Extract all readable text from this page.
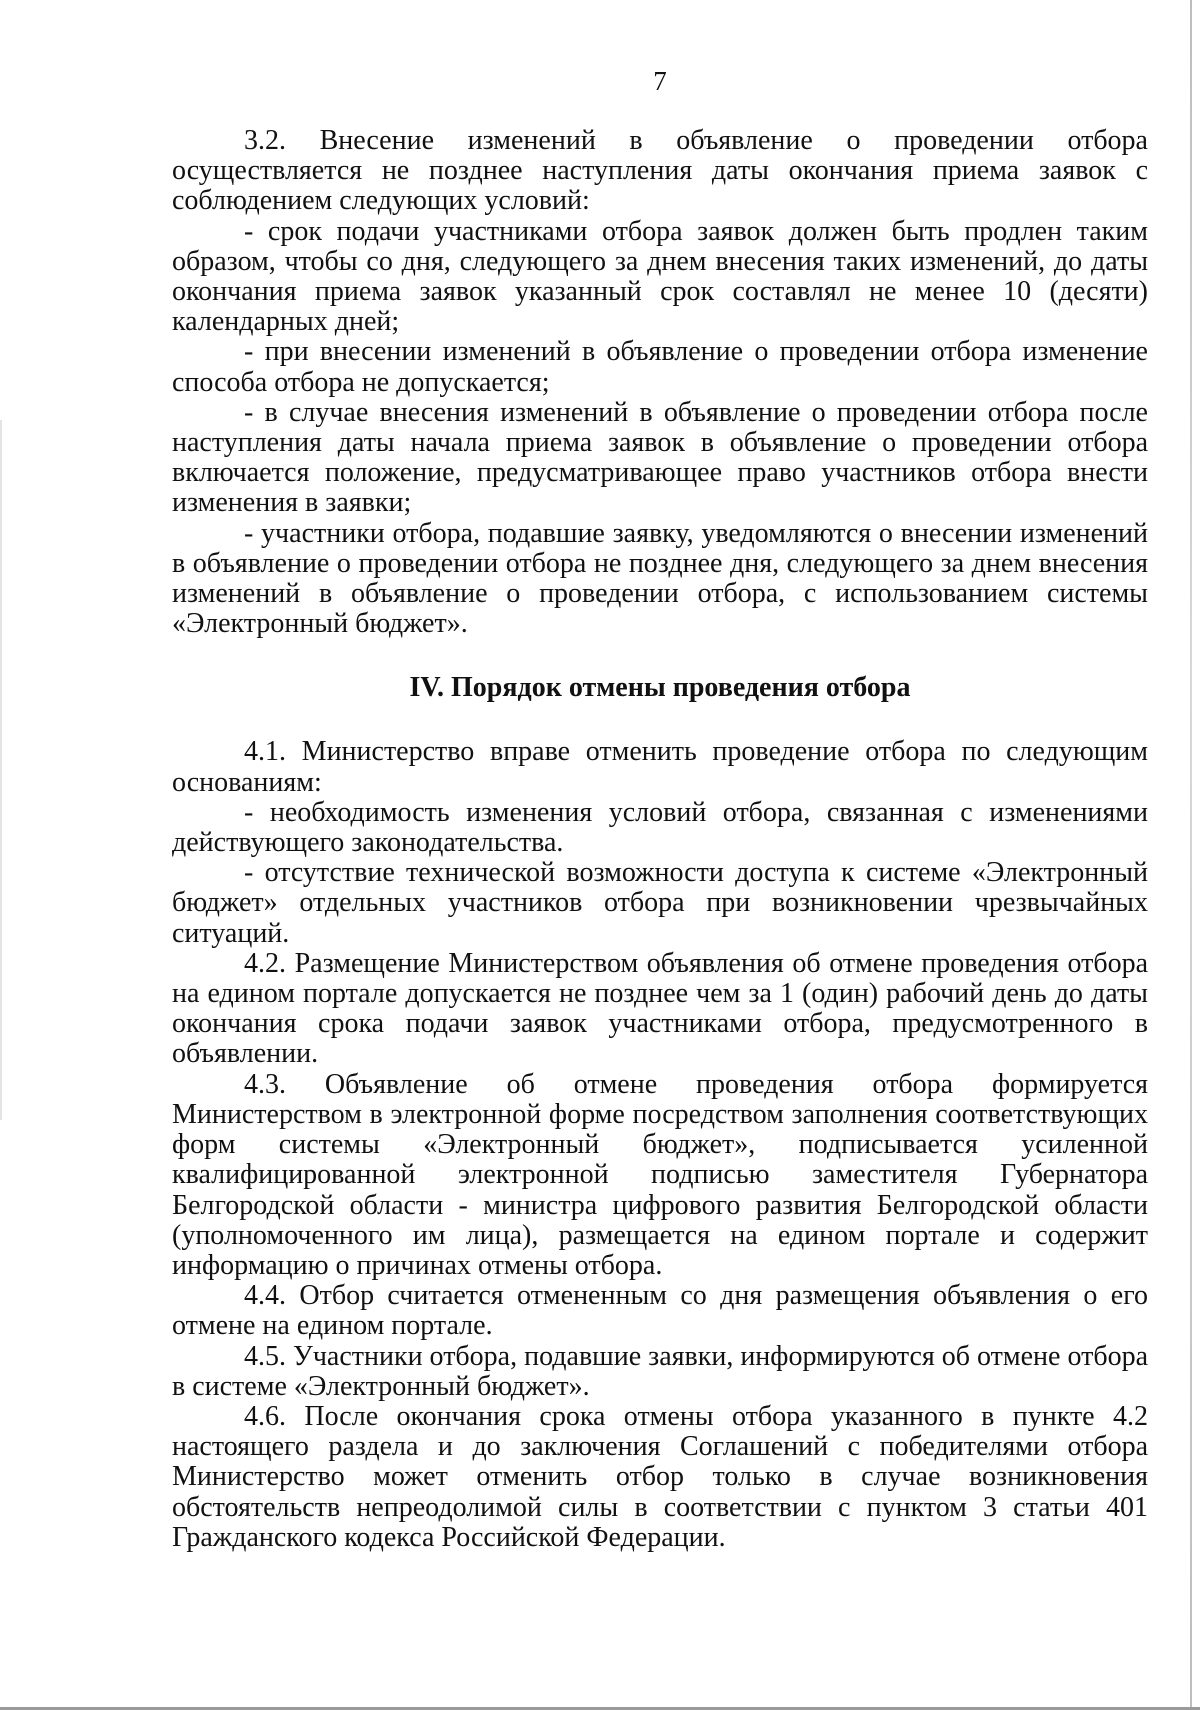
7

3.2. Внесение изменений в объявление о проведении отбора осуществляется не позднее наступления даты окончания приема заявок с соблюдением следующих условий:

- срок подачи участниками отбора заявок должен быть продлен таким образом, чтобы со дня, следующего за днем внесения таких изменений, до даты окончания приема заявок указанный срок составлял не менее 10 (десяти) календарных дней;

- при внесении изменений в объявление о проведении отбора изменение способа отбора не допускается;

- в случае внесения изменений в объявление о проведении отбора после наступления даты начала приема заявок в объявление о проведении отбора включается положение, предусматривающее право участников отбора внести изменения в заявки;

- участники отбора, подавшие заявку, уведомляются о внесении изменений в объявление о проведении отбора не позднее дня, следующего за днем внесения изменений в объявление о проведении отбора, с использованием системы «Электронный бюджет».

IV. Порядок отмены проведения отбора

4.1. Министерство вправе отменить проведение отбора по следующим основаниям:

- необходимость изменения условий отбора, связанная с изменениями действующего законодательства.

- отсутствие технической возможности доступа к системе «Электронный бюджет» отдельных участников отбора при возникновении чрезвычайных ситуаций.

4.2. Размещение Министерством объявления об отмене проведения отбора на едином портале допускается не позднее чем за 1 (один) рабочий день до даты окончания срока подачи заявок участниками отбора, предусмотренного в объявлении.

4.3. Объявление об отмене проведения отбора формируется Министерством в электронной форме посредством заполнения соответствующих форм системы «Электронный бюджет», подписывается усиленной квалифицированной электронной подписью заместителя Губернатора Белгородской области - министра цифрового развития Белгородской области (уполномоченного им лица), размещается на едином портале и содержит информацию о причинах отмены отбора.

4.4. Отбор считается отмененным со дня размещения объявления о его отмене на едином портале.

4.5. Участники отбора, подавшие заявки, информируются об отмене отбора в системе «Электронный бюджет».

4.6. После окончания срока отмены отбора указанного в пункте 4.2 настоящего раздела и до заключения Соглашений с победителями отбора Министерство может отменить отбор только в случае возникновения обстоятельств непреодолимой силы в соответствии с пунктом 3 статьи 401 Гражданского кодекса Российской Федерации.
